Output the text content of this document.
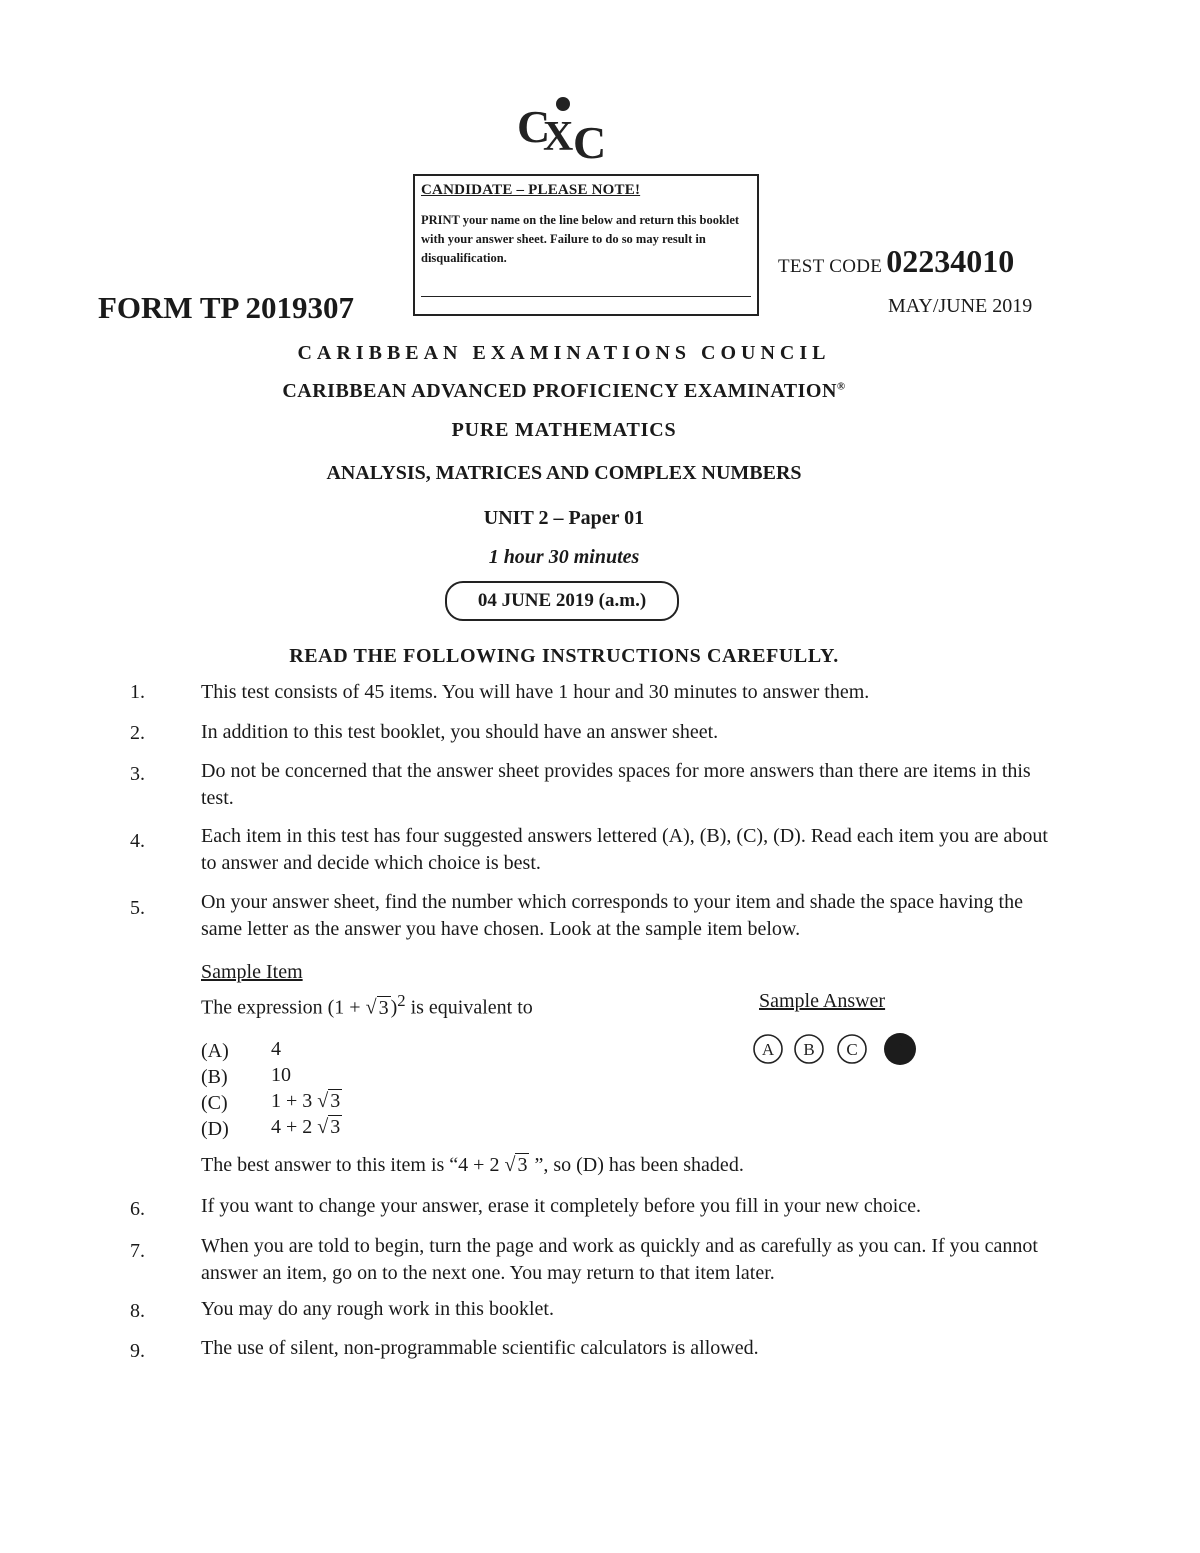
C
X C
CANDIDATE – PLEASE NOTE!
PRINT your name on the line below and return this booklet with your answer sheet. Failure to do so may result in disqualification.	TEST CODE 02234010
MAY/JUNE 2019
FORM TP 2019307
CARIBBEAN EXAMINATIONS COUNCIL
CARIBBEAN ADVANCED PROFICIENCY EXAMINATION®
PURE MATHEMATICS
ANALYSIS, MATRICES AND COMPLEX NUMBERS
UNIT 2 – Paper 01
1 hour 30 minutes
04 JUNE 2019 (a.m.)
READ THE FOLLOWING INSTRUCTIONS CAREFULLY.
1.	This test consists of 45 items. You will have 1 hour and 30 minutes to answer them.
2.	In addition to this test booklet, you should have an answer sheet.
3.	Do not be concerned that the answer sheet provides spaces for more answers than there are items in this test.
4.	Each item in this test has four suggested answers lettered (A), (B), (C), (D). Read each item you are about to answer and decide which choice is best.
5.	On your answer sheet, find the number which corresponds to your item and shade the space having the same letter as the answer you have chosen. Look at the sample item below.
Sample Item
The expression (1 + √ 3 )$^2$ is equivalent to	Sample Answer
A B C D
(A) 4
(B) 10
(C) 1 + 3 √ 3
(D) 4 + 2 √ 3
The best answer to this item is “4 + 2 √ 3 ”, so (D) has been shaded.
6.	If you want to change your answer, erase it completely before you fill in your new choice.
7.	When you are told to begin, turn the page and work as quickly and as carefully as you can. If you cannot answer an item, go on to the next one. You may return to that item later.
8.	You may do any rough work in this booklet.
9.	The use of silent, non-programmable scientific calculators is allowed.
